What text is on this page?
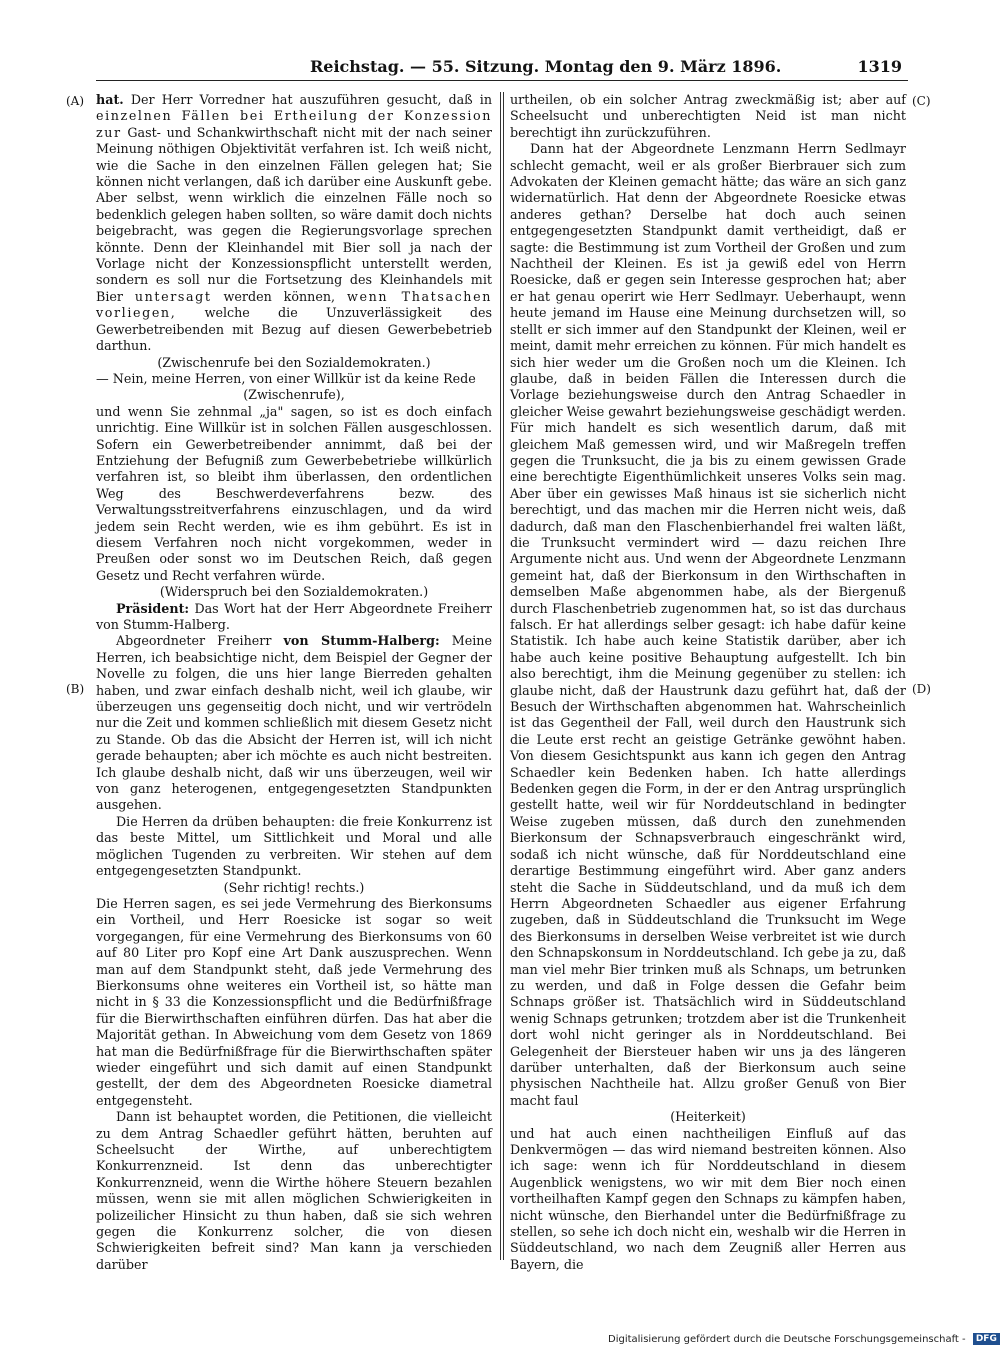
Reichstag. — 55. Sitzung. Montag den 9. März 1896.	1319
(A)
(B)
(C)
(D)

hat. Der Herr Vorredner hat auszuführen gesucht, daß in einzelnen Fällen bei Ertheilung der Konzession zur Gast- und Schankwirthschaft nicht mit der nach seiner Meinung nöthigen Objektivität verfahren ist. Ich weiß nicht, wie die Sache in den einzelnen Fällen gelegen hat; Sie können nicht verlangen, daß ich darüber eine Auskunft gebe. Aber selbst, wenn wirklich die einzelnen Fälle noch so bedenklich gelegen haben sollten, so wäre damit doch nichts beigebracht, was gegen die Regierungsvorlage sprechen könnte. Denn der Kleinhandel mit Bier soll ja nach der Vorlage nicht der Konzessionspflicht unterstellt werden, sondern es soll nur die Fortsetzung des Kleinhandels mit Bier untersagt werden können, wenn Thatsachen vorliegen, welche die Unzuverlässigkeit des Gewerbetreibenden mit Bezug auf diesen Gewerbebetrieb darthun.

(Zwischenrufe bei den Sozialdemokraten.)

— Nein, meine Herren, von einer Willkür ist da keine Rede

(Zwischenrufe),

und wenn Sie zehnmal „ja" sagen, so ist es doch einfach unrichtig. Eine Willkür ist in solchen Fällen ausgeschlossen. Sofern ein Gewerbetreibender annimmt, daß bei der Entziehung der Befugniß zum Gewerbebetriebe willkürlich verfahren ist, so bleibt ihm überlassen, den ordentlichen Weg des Beschwerdeverfahrens bezw. des Verwaltungsstreitverfahrens einzuschlagen, und da wird jedem sein Recht werden, wie es ihm gebührt. Es ist in diesem Verfahren noch nicht vorgekommen, weder in Preußen oder sonst wo im Deutschen Reich, daß gegen Gesetz und Recht verfahren würde.

(Widerspruch bei den Sozialdemokraten.)

Präsident: Das Wort hat der Herr Abgeordnete Freiherr von Stumm-Halberg.

Abgeordneter Freiherr von Stumm-Halberg: Meine Herren, ich beabsichtige nicht, dem Beispiel der Gegner der Novelle zu folgen, die uns hier lange Bierreden gehalten haben, und zwar einfach deshalb nicht, weil ich glaube, wir überzeugen uns gegenseitig doch nicht, und wir vertrödeln nur die Zeit und kommen schließlich mit diesem Gesetz nicht zu Stande. Ob das die Absicht der Herren ist, will ich nicht gerade behaupten; aber ich möchte es auch nicht bestreiten. Ich glaube deshalb nicht, daß wir uns überzeugen, weil wir von ganz heterogenen, entgegengesetzten Standpunkten ausgehen.

Die Herren da drüben behaupten: die freie Konkurrenz ist das beste Mittel, um Sittlichkeit und Moral und alle möglichen Tugenden zu verbreiten. Wir stehen auf dem entgegengesetzten Standpunkt.

(Sehr richtig! rechts.)

Die Herren sagen, es sei jede Vermehrung des Bierkonsums ein Vortheil, und Herr Roesicke ist sogar so weit vorgegangen, für eine Vermehrung des Bierkonsums von 60 auf 80 Liter pro Kopf eine Art Dank auszusprechen. Wenn man auf dem Standpunkt steht, daß jede Vermehrung des Bierkonsums ohne weiteres ein Vortheil ist, so hätte man nicht in § 33 die Konzessionspflicht und die Bedürfnißfrage für die Bierwirthschaften einführen dürfen. Das hat aber die Majorität gethan. In Abweichung vom dem Gesetz von 1869 hat man die Bedürfnißfrage für die Bierwirthschaften später wieder eingeführt und sich damit auf einen Standpunkt gestellt, der dem des Abgeordneten Roesicke diametral entgegensteht.

Dann ist behauptet worden, die Petitionen, die vielleicht zu dem Antrag Schaedler geführt hätten, beruhten auf Scheelsucht der Wirthe, auf unberechtigtem Konkurrenzneid. Ist denn das unberechtigter Konkurrenzneid, wenn die Wirthe höhere Steuern bezahlen müssen, wenn sie mit allen möglichen Schwierigkeiten in polizeilicher Hinsicht zu thun haben, daß sie sich wehren gegen die Konkurrenz solcher, die von diesen Schwierigkeiten befreit sind? Man kann ja verschieden darüber

urtheilen, ob ein solcher Antrag zweckmäßig ist; aber auf Scheelsucht und unberechtigten Neid ist man nicht berechtigt ihn zurückzuführen.

Dann hat der Abgeordnete Lenzmann Herrn Sedlmayr schlecht gemacht, weil er als großer Bierbrauer sich zum Advokaten der Kleinen gemacht hätte; das wäre an sich ganz widernatürlich. Hat denn der Abgeordnete Roesicke etwas anderes gethan? Derselbe hat doch auch seinen entgegengesetzten Standpunkt damit vertheidigt, daß er sagte: die Bestimmung ist zum Vortheil der Großen und zum Nachtheil der Kleinen. Es ist ja gewiß edel von Herrn Roesicke, daß er gegen sein Interesse gesprochen hat; aber er hat genau operirt wie Herr Sedlmayr. Ueberhaupt, wenn heute jemand im Hause eine Meinung durchsetzen will, so stellt er sich immer auf den Standpunkt der Kleinen, weil er meint, damit mehr erreichen zu können. Für mich handelt es sich hier weder um die Großen noch um die Kleinen. Ich glaube, daß in beiden Fällen die Interessen durch die Vorlage beziehungsweise durch den Antrag Schaedler in gleicher Weise gewahrt beziehungsweise geschädigt werden. Für mich handelt es sich wesentlich darum, daß mit gleichem Maß gemessen wird, und wir Maßregeln treffen gegen die Trunksucht, die ja bis zu einem gewissen Grade eine berechtigte Eigenthümlichkeit unseres Volks sein mag. Aber über ein gewisses Maß hinaus ist sie sicherlich nicht berechtigt, und das machen mir die Herren nicht weis, daß dadurch, daß man den Flaschenbierhandel frei walten läßt, die Trunksucht vermindert wird — dazu reichen Ihre Argumente nicht aus. Und wenn der Abgeordnete Lenzmann gemeint hat, daß der Bierkonsum in den Wirthschaften in demselben Maße abgenommen habe, als der Biergenuß durch Flaschenbetrieb zugenommen hat, so ist das durchaus falsch. Er hat allerdings selber gesagt: ich habe dafür keine Statistik. Ich habe auch keine Statistik darüber, aber ich habe auch keine positive Behauptung aufgestellt. Ich bin also berechtigt, ihm die Meinung gegenüber zu stellen: ich glaube nicht, daß der Haustrunk dazu geführt hat, daß der Besuch der Wirthschaften abgenommen hat. Wahrscheinlich ist das Gegentheil der Fall, weil durch den Haustrunk sich die Leute erst recht an geistige Getränke gewöhnt haben. Von diesem Gesichtspunkt aus kann ich gegen den Antrag Schaedler kein Bedenken haben. Ich hatte allerdings Bedenken gegen die Form, in der er den Antrag ursprünglich gestellt hatte, weil wir für Norddeutschland in bedingter Weise zugeben müssen, daß durch den zunehmenden Bierkonsum der Schnapsverbrauch eingeschränkt wird, sodaß ich nicht wünsche, daß für Norddeutschland eine derartige Bestimmung eingeführt wird. Aber ganz anders steht die Sache in Süddeutschland, und da muß ich dem Herrn Abgeordneten Schaedler aus eigener Erfahrung zugeben, daß in Süddeutschland die Trunksucht im Wege des Bierkonsums in derselben Weise verbreitet ist wie durch den Schnapskonsum in Norddeutschland. Ich gebe ja zu, daß man viel mehr Bier trinken muß als Schnaps, um betrunken zu werden, und daß in Folge dessen die Gefahr beim Schnaps größer ist. Thatsächlich wird in Süddeutschland wenig Schnaps getrunken; trotzdem aber ist die Trunkenheit dort wohl nicht geringer als in Norddeutschland. Bei Gelegenheit der Biersteuer haben wir uns ja des längeren darüber unterhalten, daß der Bierkonsum auch seine physischen Nachtheile hat. Allzu großer Genuß von Bier macht faul

(Heiterkeit)

und hat auch einen nachtheiligen Einfluß auf das Denkvermögen — das wird niemand bestreiten können. Also ich sage: wenn ich für Norddeutschland in diesem Augenblick wenigstens, wo wir mit dem Bier noch einen vortheilhaften Kampf gegen den Schnaps zu kämpfen haben, nicht wünsche, den Bierhandel unter die Bedürfnißfrage zu stellen, so sehe ich doch nicht ein, weshalb wir die Herren in Süddeutschland, wo nach dem Zeugniß aller Herren aus Bayern, die

Digitalisierung gefördert durch die Deutsche Forschungsgemeinschaft - DFG
